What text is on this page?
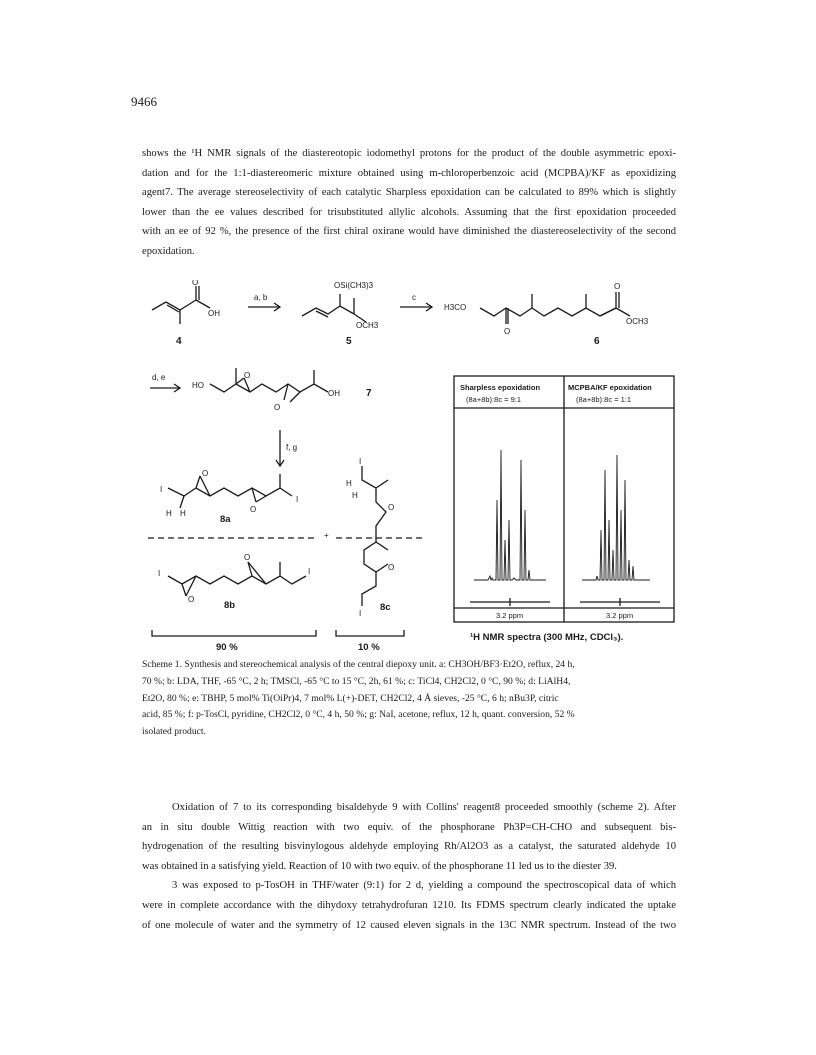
9466
shows the ¹H NMR signals of the diastereotopic iodomethyl protons for the product of the double asymmetric epoxi-
dation and for the 1:1-diastereomeric mixture obtained using m-chloroperbenzoic acid (MCPBA)/KF as epoxidizing
agent7. The average stereoselectivity of each catalytic Sharpless epoxidation can be calculated to 89% which is slightly
lower than the ee values described for trisubstituted allylic alcohols. Assuming that the first epoxidation proceeded
with an ee of 92 %, the presence of the first chiral oxirane would have diminished the diastereoselectivity of the second
epoxidation.
O
OH
4
a, b
OSi(CH3)3
OCH3
5
c
H3CO
O
O
OCH3
6
d, e
HO
O
O
OH	7
f, g
I
H H
O
O
I
8a
I
O
O
I
8b
+
I
H
H
O
O
I
8c
90 %	10 %
Sharpless epoxidation
(8a+8b):8c = 9:1
MCPBA/KF epoxidation
(8a+8b):8c = 1:1
3.2 ppm	3.2 ppm
¹H NMR spectra (300 MHz, CDCl₃).
Scheme 1. Synthesis and stereochemical analysis of the central diepoxy unit. a: CH3OH/BF3·Et2O, reflux, 24 h,
70 %; b: LDA, THF, -65 °C, 2 h; TMSCl, -65 °C to 15 °C, 2h, 61 %; c: TiCl4, CH2Cl2, 0 °C, 90 %; d: LiAlH4,
Et2O, 80 %; e: TBHP, 5 mol% Ti(OiPr)4, 7 mol% L(+)-DET, CH2Cl2, 4 Å sieves, -25 °C, 6 h; nBu3P, citric
acid, 85 %; f: p-TosCl, pyridine, CH2Cl2, 0 °C, 4 h, 50 %; g: NaI, acetone, reflux, 12 h, quant. conversion, 52 %
isolated product.
Oxidation of 7 to its corresponding bisaldehyde 9 with Collins' reagent8 proceeded smoothly (scheme 2). After
an in situ double Wittig reaction with two equiv. of the phosphorane Ph3P=CH-CHO and subsequent bis-
hydrogenation of the resulting bisvinylogous aldehyde employing Rh/Al2O3 as a catalyst, the saturated aldehyde 10
was obtained in a satisfying yield. Reaction of 10 with two equiv. of the phosphorane 11 led us to the diester 39.
3 was exposed to p-TosOH in THF/water (9:1) for 2 d, yielding a compound the spectroscopical data of which
were in complete accordance with the dihydoxy tetrahydrofuran 1210. Its FDMS spectrum clearly indicated the uptake
of one molecule of water and the symmetry of 12 caused eleven signals in the 13C NMR spectrum. Instead of the two
